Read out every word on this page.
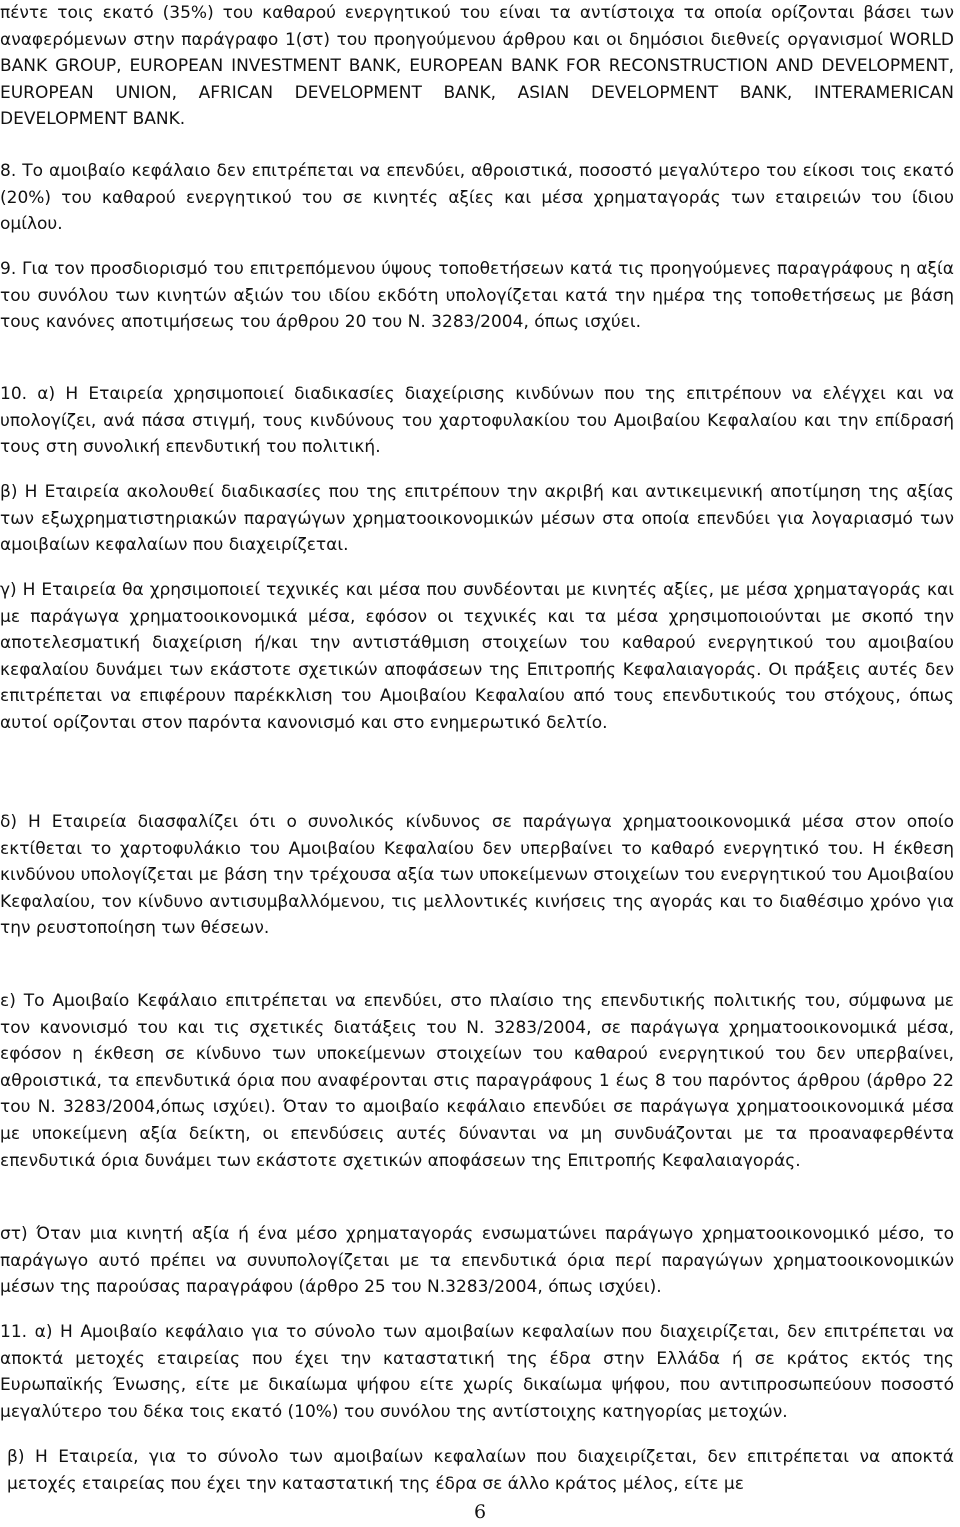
πέντε τοις εκατό (35%) του καθαρού ενεργητικού του είναι τα αντίστοιχα τα οποία ορίζονται βάσει των αναφερόμενων στην παράγραφο 1(στ) του προηγούμενου άρθρου και οι δημόσιοι διεθνείς οργανισμοί WORLD BANK GROUP, EUROPEAN INVESTMENT BANK, EUROPEAN BANK FOR RECONSTRUCTION AND DEVELOPMENT, EUROPEAN UNION, AFRICAN DEVELOPMENT BANK, ASIAN DEVELOPMENT BANK, INTERAMERICAN DEVELOPMENT BANK.

8. Το αμοιβαίο κεφάλαιο δεν επιτρέπεται να επενδύει, αθροιστικά, ποσοστό μεγαλύτερο του είκοσι τοις εκατό (20%) του καθαρού ενεργητικού του σε κινητές αξίες και μέσα χρηματαγοράς των εταιρειών του ίδιου ομίλου.

9. Για τον προσδιορισμό του επιτρεπόμενου ύψους τοποθετήσεων κατά τις προηγούμενες παραγράφους η αξία του συνόλου των κινητών αξιών του ιδίου εκδότη υπολογίζεται κατά την ημέρα της τοποθετήσεως με βάση τους κανόνες αποτιμήσεως του άρθρου 20 του Ν. 3283/2004, όπως ισχύει.

10. α) Η Εταιρεία χρησιμοποιεί διαδικασίες διαχείρισης κινδύνων που της επιτρέπουν να ελέγχει και να υπολογίζει, ανά πάσα στιγμή, τους κινδύνους του χαρτοφυλακίου του Αμοιβαίου Κεφαλαίου και την επίδρασή τους στη συνολική επενδυτική του πολιτική.

β) Η Εταιρεία ακολουθεί διαδικασίες που της επιτρέπουν την ακριβή και αντικειμενική αποτίμηση της αξίας των εξωχρηματιστηριακών παραγώγων χρηματοοικονομικών μέσων στα οποία επενδύει για λογαριασμό των αμοιβαίων κεφαλαίων που διαχειρίζεται.

γ) Η Εταιρεία θα χρησιμοποιεί τεχνικές και μέσα που συνδέονται με κινητές αξίες, με μέσα χρηματαγοράς και με παράγωγα χρηματοοικονομικά μέσα, εφόσον οι τεχνικές και τα μέσα χρησιμοποιούνται με σκοπό την αποτελεσματική διαχείριση ή/και την αντιστάθμιση στοιχείων του καθαρού ενεργητικού του αμοιβαίου κεφαλαίου δυνάμει των εκάστοτε σχετικών αποφάσεων της Επιτροπής Κεφαλαιαγοράς. Οι πράξεις αυτές δεν επιτρέπεται να επιφέρουν παρέκκλιση του Αμοιβαίου Κεφαλαίου από τους επενδυτικούς του στόχους, όπως αυτοί ορίζονται στον παρόντα κανονισμό και στο ενημερωτικό δελτίο.

δ) Η Εταιρεία διασφαλίζει ότι ο συνολικός κίνδυνος σε παράγωγα χρηματοοικονομικά μέσα στον οποίο εκτίθεται το χαρτοφυλάκιο του Αμοιβαίου Κεφαλαίου δεν υπερβαίνει το καθαρό ενεργητικό του. Η έκθεση κινδύνου υπολογίζεται με βάση την τρέχουσα αξία των υποκείμενων στοιχείων του ενεργητικού του Αμοιβαίου Κεφαλαίου, τον κίνδυνο αντισυμβαλλόμενου, τις μελλοντικές κινήσεις της αγοράς και το διαθέσιμο χρόνο για την ρευστοποίηση των θέσεων.

ε) Το Αμοιβαίο Κεφάλαιο επιτρέπεται να επενδύει, στο πλαίσιο της επενδυτικής πολιτικής του, σύμφωνα με τον κανονισμό του και τις σχετικές διατάξεις του Ν. 3283/2004, σε παράγωγα χρηματοοικονομικά μέσα, εφόσον η έκθεση σε κίνδυνο των υποκείμενων στοιχείων του καθαρού ενεργητικού του δεν υπερβαίνει, αθροιστικά, τα επενδυτικά όρια που αναφέρονται στις παραγράφους 1 έως 8 του παρόντος άρθρου (άρθρο 22 του Ν. 3283/2004,όπως ισχύει). Όταν το αμοιβαίο κεφάλαιο επενδύει σε παράγωγα χρηματοοικονομικά μέσα με υποκείμενη αξία δείκτη, οι επενδύσεις αυτές δύνανται να μη συνδυάζονται με τα προαναφερθέντα επενδυτικά όρια δυνάμει των εκάστοτε σχετικών αποφάσεων της Επιτροπής Κεφαλαιαγοράς.

στ) Όταν μια κινητή αξία ή ένα μέσο χρηματαγοράς ενσωματώνει παράγωγο χρηματοοικονομικό μέσο, το παράγωγο αυτό πρέπει να συνυπολογίζεται με τα επενδυτικά όρια περί παραγώγων χρηματοοικονομικών μέσων της παρούσας παραγράφου (άρθρο 25 του Ν.3283/2004, όπως ισχύει).

11. α) Η Αμοιβαίο κεφάλαιο για το σύνολο των αμοιβαίων κεφαλαίων που διαχειρίζεται, δεν επιτρέπεται να αποκτά μετοχές εταιρείας που έχει την καταστατική της έδρα στην Ελλάδα ή σε κράτος εκτός της Ευρωπαϊκής Ένωσης, είτε με δικαίωμα ψήφου είτε χωρίς δικαίωμα ψήφου, που αντιπροσωπεύουν ποσοστό μεγαλύτερο του δέκα τοις εκατό (10%) του συνόλου της αντίστοιχης κατηγορίας μετοχών.

β) Η Εταιρεία, για το σύνολο των αμοιβαίων κεφαλαίων που διαχειρίζεται, δεν επιτρέπεται να αποκτά μετοχές εταιρείας που έχει την καταστατική της έδρα σε άλλο κράτος μέλος, είτε με

6
